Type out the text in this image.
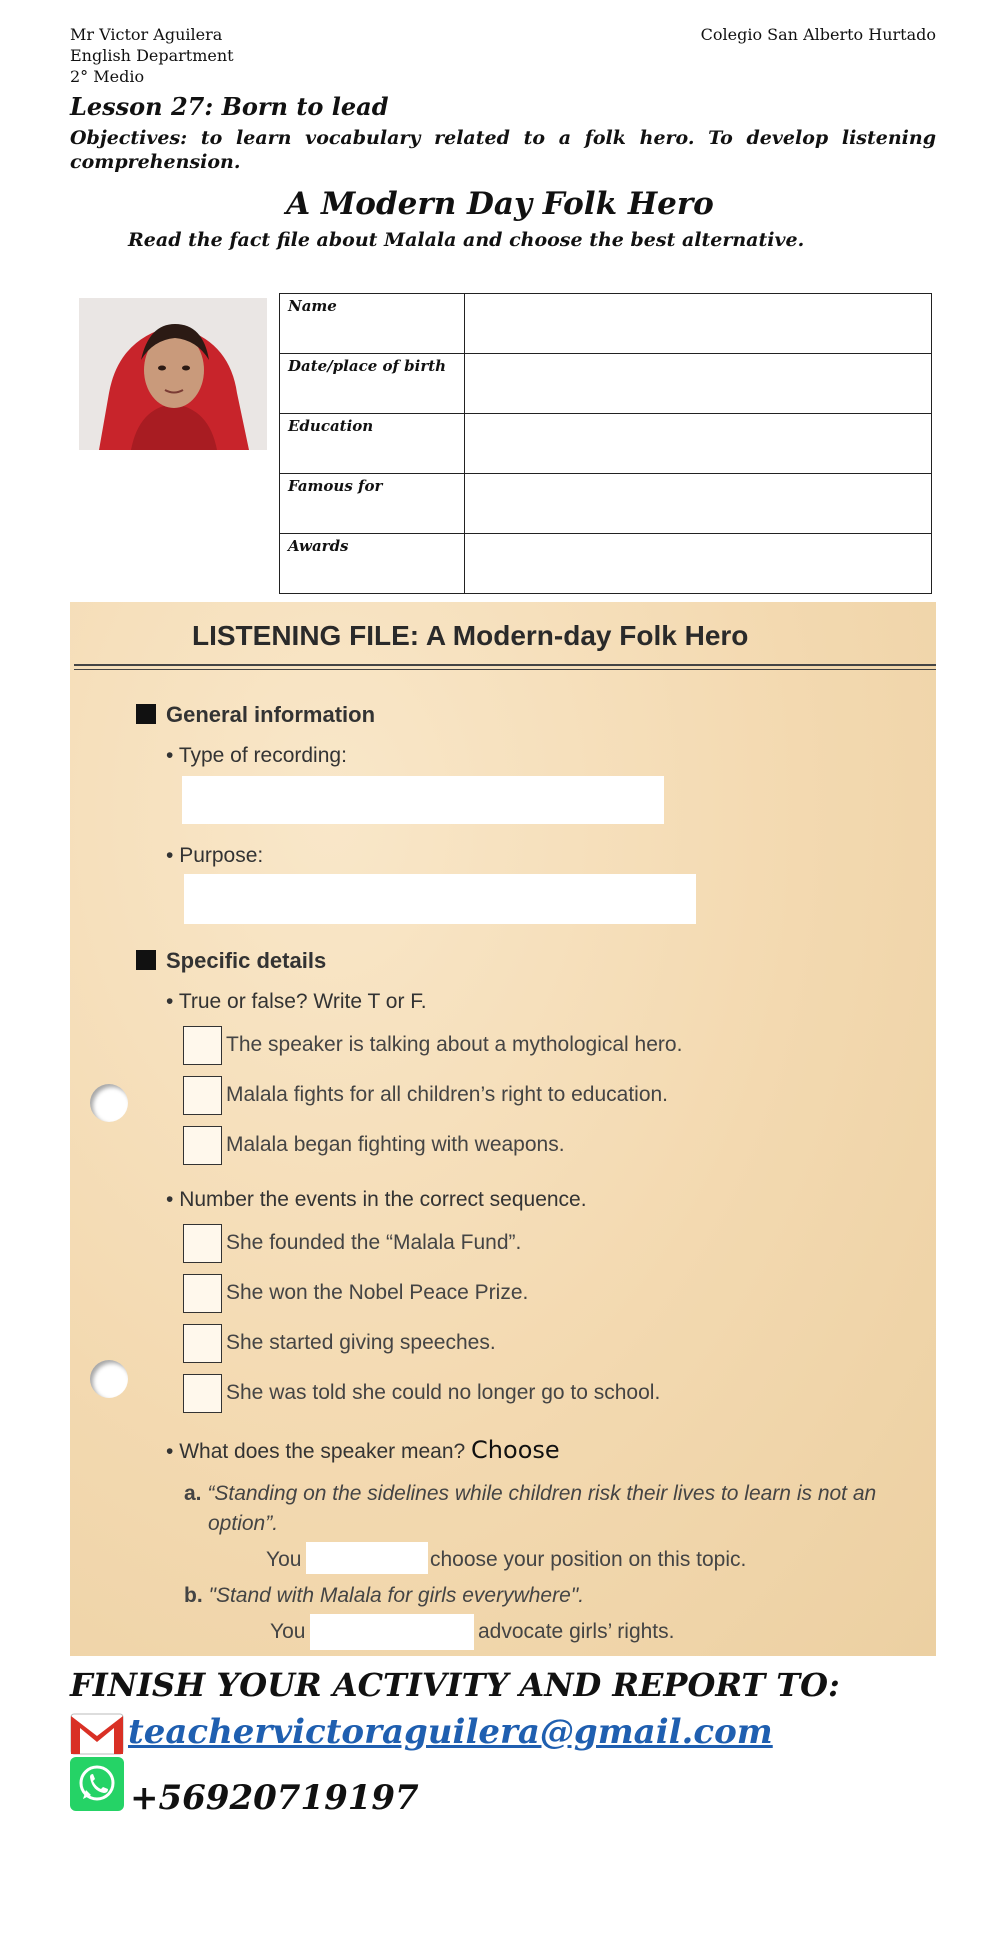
Mr Victor Aguilera
English Department
2° Medio
Colegio San Alberto Hurtado
Lesson 27: Born to lead
Objectives: to learn vocabulary related to a folk hero. To develop listening comprehension.
A Modern Day Folk Hero
Read the fact file about Malala and choose the best alternative.
Name	
Date/place of birth	
Education	
Famous for	
Awards	
LISTENING FILE: A Modern-day Folk Hero
General information
• Type of recording:
• Purpose:
Specific details
• True or false? Write T or F.
The speaker is talking about a mythological hero.
Malala fights for all children’s right to education.
Malala began fighting with weapons.
• Number the events in the correct sequence.
She founded the “Malala Fund”.
She won the Nobel Peace Prize.
She started giving speeches.
She was told she could no longer go to school.
• What does the speaker mean? Choose
a. “Standing on the sidelines while children risk their lives to learn is not an
option”.
You	choose your position on this topic.
b. "Stand with Malala for girls everywhere".
You	advocate girls’ rights.
FINISH YOUR ACTIVITY AND REPORT TO:
teachervictoraguilera@gmail.com
+56920719197
